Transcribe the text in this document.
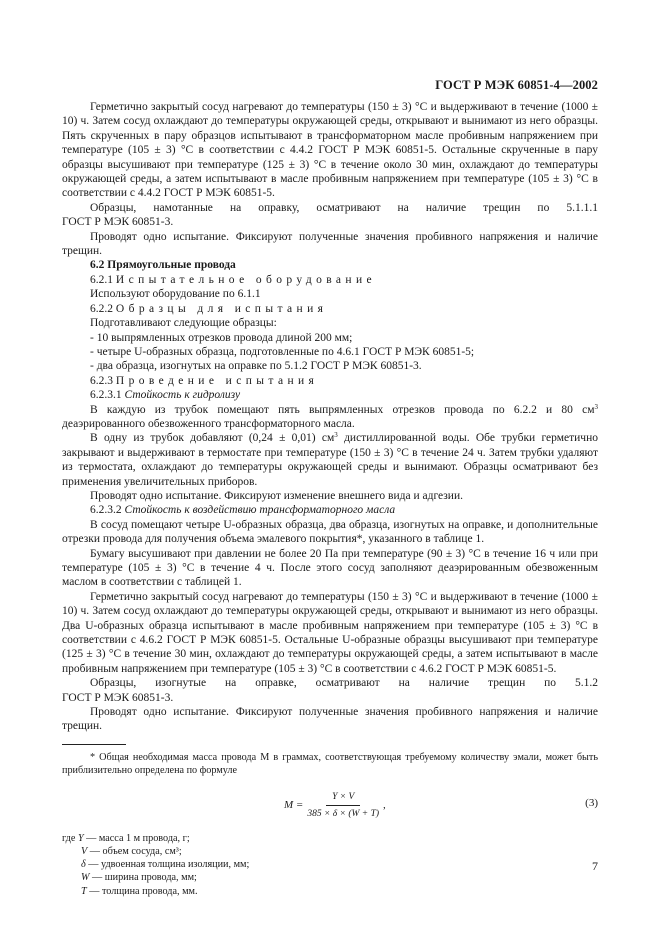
ГОСТ Р МЭК 60851-4—2002

Герметично закрытый сосуд нагревают до температуры (150 ± 3) °С и выдерживают в течение (1000 ± 10) ч. Затем сосуд охлаждают до температуры окружающей среды, открывают и вынимают из него образцы. Пять скрученных в пару образцов испытывают в трансформаторном масле пробивным напряжением при температуре (105 ± 3) °С в соответствии с 4.4.2 ГОСТ Р МЭК 60851-5. Остальные скрученные в пару образцы высушивают при температуре (125 ± 3) °С в течение около 30 мин, охлаждают до температуры окружающей среды, а затем испытывают в масле пробивным напряжением при температуре (105 ± 3) °С в соответствии с 4.4.2 ГОСТ Р МЭК 60851-5.

Образцы, намотанные на оправку, осматривают на наличие трещин по 5.1.1.1

ГОСТ Р МЭК 60851-3.

Проводят одно испытание. Фиксируют полученные значения пробивного напряжения и наличие трещин.

6.2 Прямоугольные провода

6.2.1 Испытательное оборудование

Используют оборудование по 6.1.1

6.2.2 Образцы для испытания

Подготавливают следующие образцы:

- 10 выпрямленных отрезков провода длиной 200 мм;

- четыре U-образных образца, подготовленные по 4.6.1 ГОСТ Р МЭК 60851-5;

- два образца, изогнутых на оправке по 5.1.2 ГОСТ Р МЭК 60851-3.

6.2.3 Проведение испытания

6.2.3.1 Стойкость к гидролизу

В каждую из трубок помещают пять выпрямленных отрезков провода по 6.2.2 и 80 $см^3$ деаэрированного обезвоженного трансформаторного масла.

В одну из трубок добавляют (0,24 ± 0,01) $см^3$ дистиллированной воды. Обе трубки герметично закрывают и выдерживают в термостате при температуре (150 ± 3) °С в течение 24 ч. Затем трубки удаляют из термостата, охлаждают до температуры окружающей среды и вынимают. Образцы осматривают без применения увеличительных приборов.

Проводят одно испытание. Фиксируют изменение внешнего вида и адгезии.

6.2.3.2 Стойкость к воздействию трансформаторного масла

В сосуд помещают четыре U-образных образца, два образца, изогнутых на оправке, и дополнительные отрезки провода для получения объема эмалевого покрытия*, указанного в таблице 1.

Бумагу высушивают при давлении не более 20 Па при температуре (90 ± 3) °С в течение 16 ч или при температуре (105 ± 3) °С в течение 4 ч. После этого сосуд заполняют деаэрированным обезвоженным маслом в соответствии с таблицей 1.

Герметично закрытый сосуд нагревают до температуры (150 ± 3) °С и выдерживают в течение (1000 ± 10) ч. Затем сосуд охлаждают до температуры окружающей среды, открывают и вынимают из него образцы. Два U-образных образца испытывают в масле пробивным напряжением при температуре (105 ± 3) °С в соответствии с 4.6.2 ГОСТ Р МЭК 60851-5. Остальные U-образные образцы высушивают при температуре (125 ± 3) °С в течение 30 мин, охлаждают до температуры окружающей среды, а затем испытывают в масле пробивным напряжением при температуре (105 ± 3) °С в соответствии с 4.6.2 ГОСТ Р МЭК 60851-5.

Образцы, изогнутые на оправке, осматривают на наличие трещин по 5.1.2

ГОСТ Р МЭК 60851-3.

Проводят одно испытание. Фиксируют полученные значения пробивного напряжения и наличие трещин.

* Общая необходимая масса провода M в граммах, соответствующая требуемому количеству эмали, может быть приблизительно определена по формуле

$M = \frac{Y \times V}{385 \times \delta \times (W + T)}$ ,	(3)
где Y — масса 1 м провода, г;
V — объем сосуда, см³;
δ — удвоенная толщина изоляции, мм;
W — ширина провода, мм;
T — толщина провода, мм.
7
